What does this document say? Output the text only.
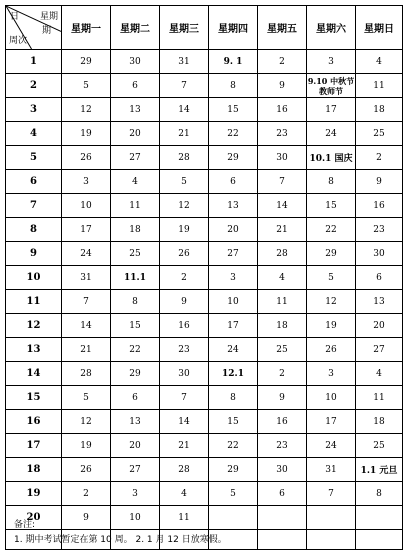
日 星期
期
周次	星期一	星期二	星期三	星期四	星期五	星期六	星期日
1	29	30	31	9. 1	2	3	4
2	5	6	7	8	9	9.10 中秋节 教师节	11
3	12	13	14	15	16	17	18
4	19	20	21	22	23	24	25
5	26	27	28	29	30	10.1 国庆	2
6	3	4	5	6	7	8	9
7	10	11	12	13	14	15	16
8	17	18	19	20	21	22	23
9	24	25	26	27	28	29	30
10	31	11.1	2	3	4	5	6
11	7	8	9	10	11	12	13
12	14	15	16	17	18	19	20
13	21	22	23	24	25	26	27
14	28	29	30	12.1	2	3	4
15	5	6	7	8	9	10	11
16	12	13	14	15	16	17	18
17	19	20	21	22	23	24	25
18	26	27	28	29	30	31	1.1 元旦
19	2	3	4	5	6	7	8
20	9	10	11				

备注:
1. 期中考试暂定在第 10 周。 2. 1 月 12 日放寒假。
